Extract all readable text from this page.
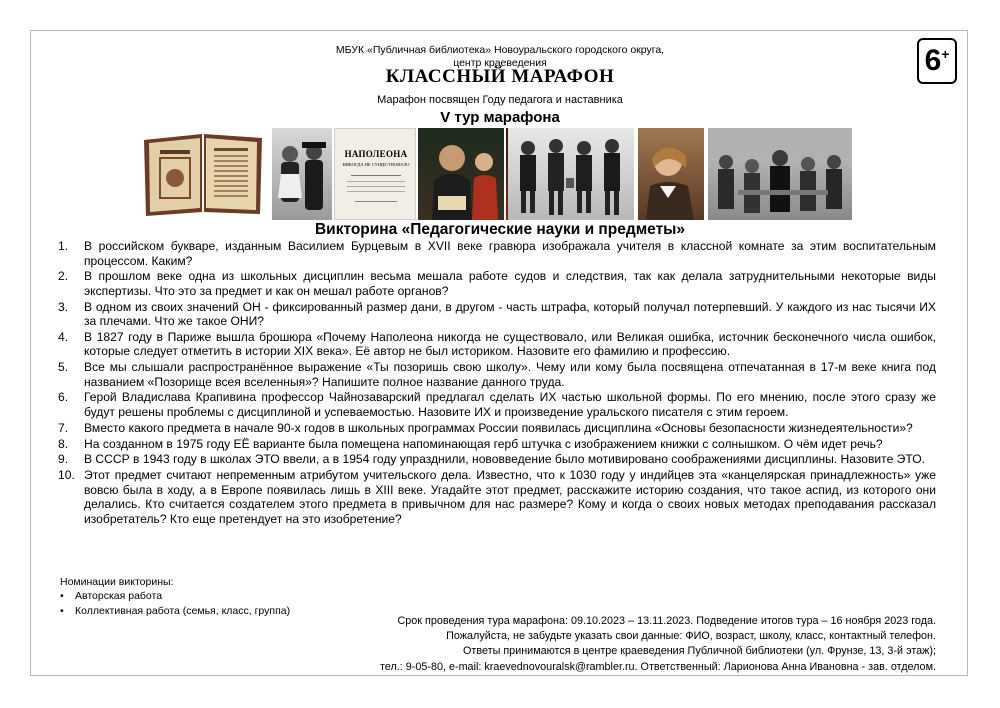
МБУК «Публичная библиотека» Новоуральского городского округа,
центр краеведения
КЛАССНЫЙ МАРАФОН
Марафон посвящен Году педагога и наставника
V тур марафона
6+
НАПОЛЕОНА
НИКОГДА НЕ СУЩЕСТВОВАЛО
Викторина «Педагогические науки и предметы»
1. В российском букваре, изданным Василием Бурцевым в XVII веке гравюра изображала учителя в классной комнате за этим воспитательным процессом. Каким?
2. В прошлом веке одна из школьных дисциплин весьма мешала работе судов и следствия, так как делала затруднительными некоторые виды экспертизы. Что это за предмет и как он мешал работе органов?
3. В одном из своих значений ОН - фиксированный размер дани, в другом - часть штрафа, который получал потерпевший. У каждого из нас тысячи ИХ за плечами. Что же такое ОНИ?
4. В 1827 году в Париже вышла брошюра «Почему Наполеона никогда не существовало, или Великая ошибка, источник бесконечного числа ошибок, которые следует отметить в истории XIX века». Её автор не был историком. Назовите его фамилию и профессию.
5. Все мы слышали распространённое выражение «Ты позоришь свою школу». Чему или кому была посвящена отпечатанная в 17-м веке книга под названием «Позорище всея вселенныя»? Напишите полное название данного труда.
6. Герой Владислава Крапивина профессор Чайнозаварский предлагал сделать ИХ частью школьной формы. По его мнению, после этого сразу же будут решены проблемы с дисциплиной и успеваемостью. Назовите ИХ и произведение уральского писателя с этим героем.
7. Вместо какого предмета в начале 90-х годов в школьных программах России появилась дисциплина «Основы безопасности жизнедеятельности»?
8. На созданном в 1975 году ЕЁ варианте была помещена напоминающая герб штучка с изображением книжки с солнышком. О чём идет речь?
9. В СССР в 1943 году в школах ЭТО ввели, а в 1954 году упразднили, нововведение было мотивировано соображениями дисциплины. Назовите ЭТО.
10. Этот предмет считают непременным атрибутом учительского дела. Известно, что к 1030 году у индийцев эта «канцелярская принадлежность» уже вовсю была в ходу, а в Европе появилась лишь в XIII веке. Угадайте этот предмет, расскажите историю создания, что такое аспид, из которого они делались. Кто считается создателем этого предмета в привычном для нас размере? Кому и когда о своих новых методах преподавания рассказал изобретатель? Кто еще претендует на это изобретение?
Номинации викторины:
• Авторская работа
• Коллективная работа (семья, класс, группа)
Срок проведения тура марафона: 09.10.2023 – 13.11.2023. Подведение итогов тура – 16 ноября 2023 года.
Пожалуйста, не забудьте указать свои данные: ФИО, возраст, школу, класс, контактный телефон.
Ответы принимаются в центре краеведения Публичной библиотеки (ул. Фрунзе, 13, 3-й этаж);
тел.: 9-05-80, e-mail: kraevednovouralsk@rambler.ru. Ответственный: Ларионова Анна Ивановна - зав. отделом.
